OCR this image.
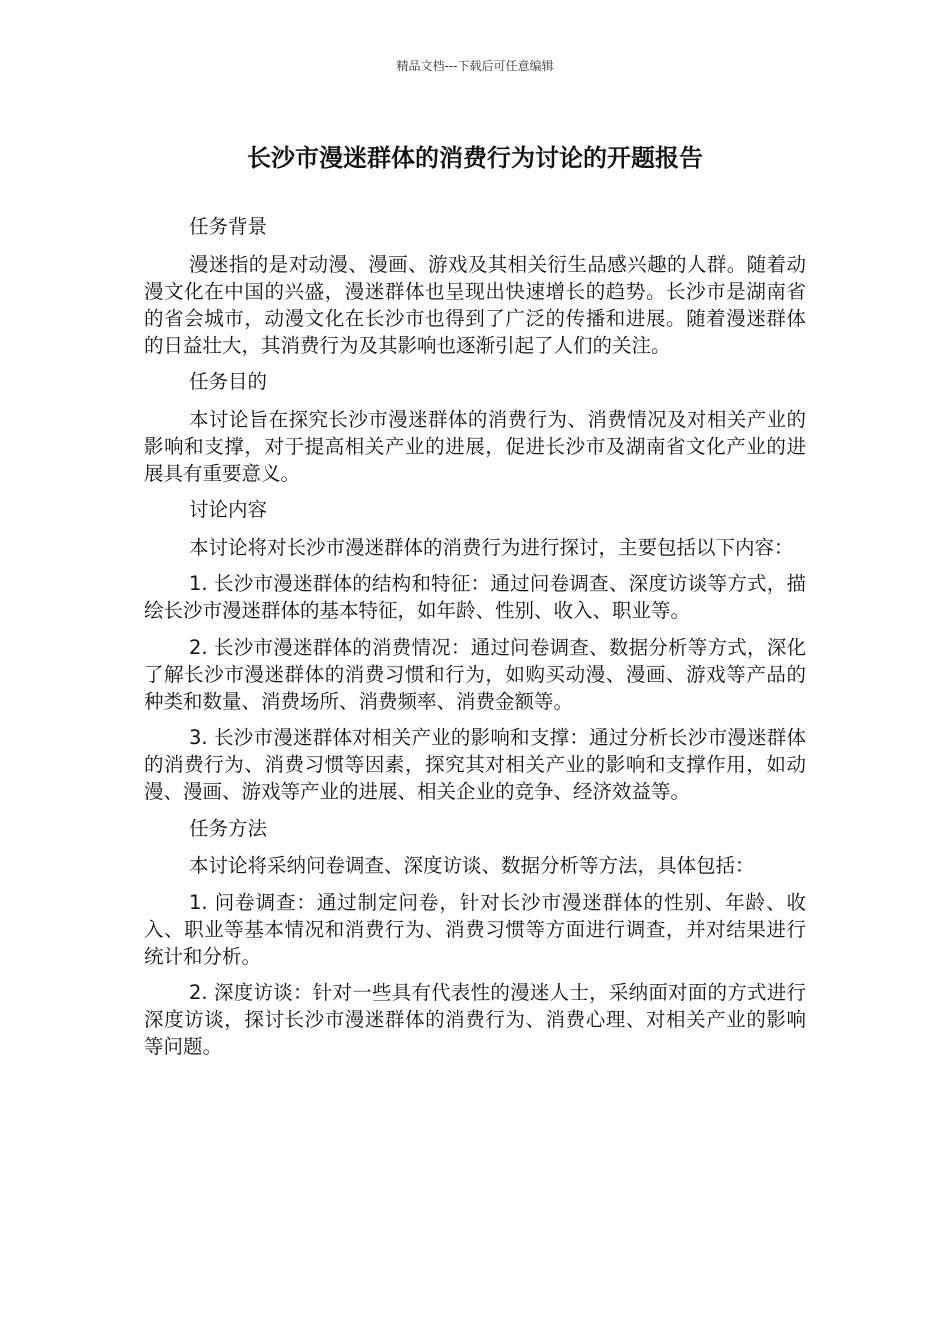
精品文档---下载后可任意编辑
长沙市漫迷群体的消费行为讨论的开题报告

任务背景

漫迷指的是对动漫、漫画、游戏及其相关衍生品感兴趣的人群。随着动漫文化在中国的兴盛，漫迷群体也呈现出快速增长的趋势。长沙市是湖南省的省会城市，动漫文化在长沙市也得到了广泛的传播和进展。随着漫迷群体的日益壮大，其消费行为及其影响也逐渐引起了人们的关注。

任务目的

本讨论旨在探究长沙市漫迷群体的消费行为、消费情况及对相关产业的影响和支撑，对于提高相关产业的进展，促进长沙市及湖南省文化产业的进展具有重要意义。

讨论内容

本讨论将对长沙市漫迷群体的消费行为进行探讨，主要包括以下内容：

1. 长沙市漫迷群体的结构和特征：通过问卷调查、深度访谈等方式，描绘长沙市漫迷群体的基本特征，如年龄、性别、收入、职业等。

2. 长沙市漫迷群体的消费情况：通过问卷调查、数据分析等方式，深化了解长沙市漫迷群体的消费习惯和行为，如购买动漫、漫画、游戏等产品的种类和数量、消费场所、消费频率、消费金额等。

3. 长沙市漫迷群体对相关产业的影响和支撑：通过分析长沙市漫迷群体的消费行为、消费习惯等因素，探究其对相关产业的影响和支撑作用，如动漫、漫画、游戏等产业的进展、相关企业的竞争、经济效益等。

任务方法

本讨论将采纳问卷调查、深度访谈、数据分析等方法，具体包括：

1. 问卷调查：通过制定问卷，针对长沙市漫迷群体的性别、年龄、收入、职业等基本情况和消费行为、消费习惯等方面进行调查，并对结果进行统计和分析。

2. 深度访谈：针对一些具有代表性的漫迷人士，采纳面对面的方式进行深度访谈，探讨长沙市漫迷群体的消费行为、消费心理、对相关产业的影响等问题。
